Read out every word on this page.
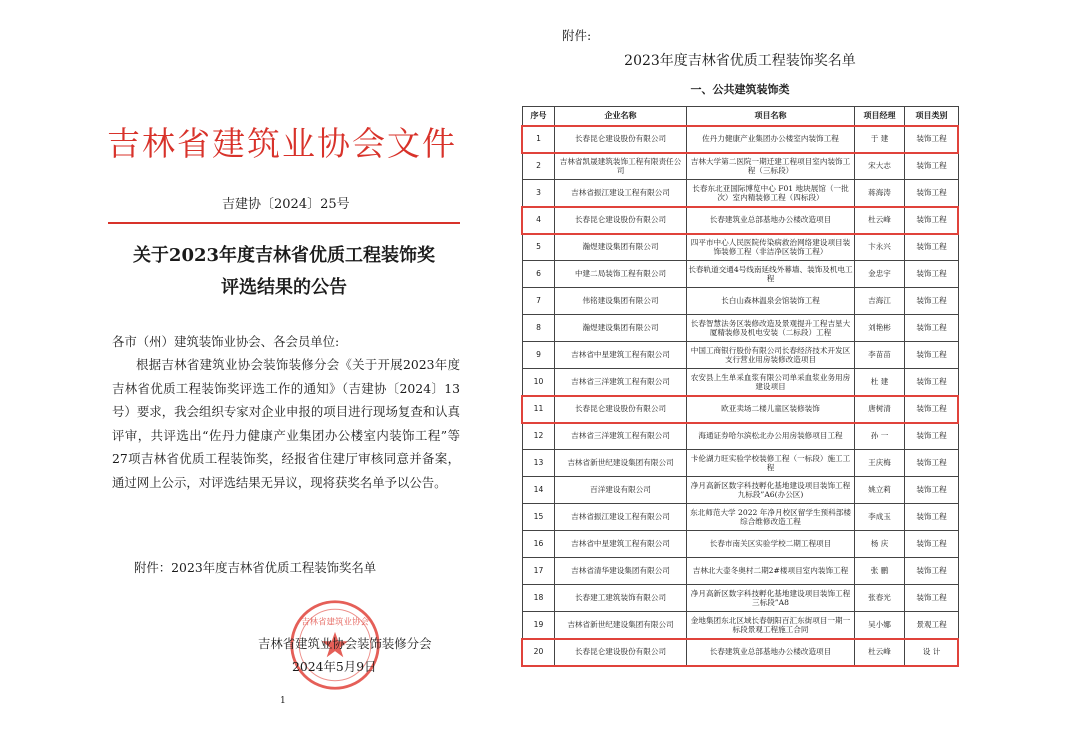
吉林省建筑业协会文件
吉建协〔2024〕25号
关于2023年度吉林省优质工程装饰奖
评选结果的公告
各市（州）建筑装饰业协会、各会员单位:
根据吉林省建筑业协会装饰装修分会《关于开展2023年度吉林省优质工程装饰奖评选工作的通知》（吉建协〔2024〕13号）要求，我会组织专家对企业申报的项目进行现场复查和认真评审，共评选出“佐丹力健康产业集团办公楼室内装饰工程”等27项吉林省优质工程装饰奖，经报省住建厅审核同意并备案，通过网上公示，对评选结果无异议，现将获奖名单予以公告。
附件：2023年度吉林省优质工程装饰奖名单
吉林省建筑业协会
吉林省建筑业协会装饰装修分会
2024年5月9日
1
附件:
2023年度吉林省优质工程装饰奖名单
一、公共建筑装饰类
序号	企业名称	项目名称	项目经理	项目类别
1	长春昆仑建设股份有限公司	佐丹力健康产业集团办公楼室内装饰工程	于 建	装饰工程
2	吉林省凯晟建筑装饰工程有限责任公司	吉林大学第二医院一期迁建工程项目室内装饰工程（三标段）	宋大志	装饰工程
3	吉林省振江建设工程有限公司	长春东北亚国际博览中心 F01 地块展馆（一批次）室内精装修工程（四标段）	蒋海涛	装饰工程
4	长春昆仑建设股份有限公司	长春建筑业总部基地办公楼改造项目	杜云峰	装饰工程
5	瀚煜建设集团有限公司	四平市中心人民医院传染病救治网络建设项目装饰装修工程（非洁净区装饰工程）	卞永兴	装饰工程
6	中建二局装饰工程有限公司	长春轨道交通4号线南延线外幕墙、装饰及机电工程	金忠宇	装饰工程
7	伟铭建设集团有限公司	长白山森林温泉会馆装饰工程	吉海江	装饰工程
8	瀚煜建设集团有限公司	长春智慧法务区装修改造及景观提升工程吉星大厦精装修及机电安装（二标段）工程	刘艳彬	装饰工程
9	吉林省中星建筑工程有限公司	中国工商银行股份有限公司长春经济技术开发区支行营业用房装修改造项目	李苗苗	装饰工程
10	吉林省三洋建筑工程有限公司	农安县上生单采血浆有限公司单采血浆业务用房建设项目	杜 建	装饰工程
11	长春昆仑建设股份有限公司	欧亚卖场二楼儿童区装修装饰	唐树清	装饰工程
12	吉林省三洋建筑工程有限公司	海通证券哈尔滨松北办公用房装修项目工程	孙 一	装饰工程
13	吉林省新世纪建设集团有限公司	卡伦湖力旺实验学校装修工程（一标段）施工工程	王庆梅	装饰工程
14	百洋建设有限公司	净月高新区数字科技孵化基地建设项目装饰工程九标段”A6(办公区)	姚立莉	装饰工程
15	吉林省振江建设工程有限公司	东北师范大学 2022 年净月校区留学生预科部楼综合维修改造工程	李成玉	装饰工程
16	吉林省中星建筑工程有限公司	长春市南关区实验学校二期工程项目	杨 庆	装饰工程
17	吉林省清华建设集团有限公司	吉林北大壶冬奥村二期2#楼项目室内装饰工程	张 鹏	装饰工程
18	长春建工建筑装饰有限公司	净月高新区数字科技孵化基地建设项目装饰工程三标段”A8	张春光	装饰工程
19	吉林省新世纪建设集团有限公司	金地集团东北区域长春朝阳百汇东街项目一期一标段景观工程施工合同	吴小娜	景观工程
20	长春昆仑建设股份有限公司	长春建筑业总部基地办公楼改造项目	杜云峰	设 计
